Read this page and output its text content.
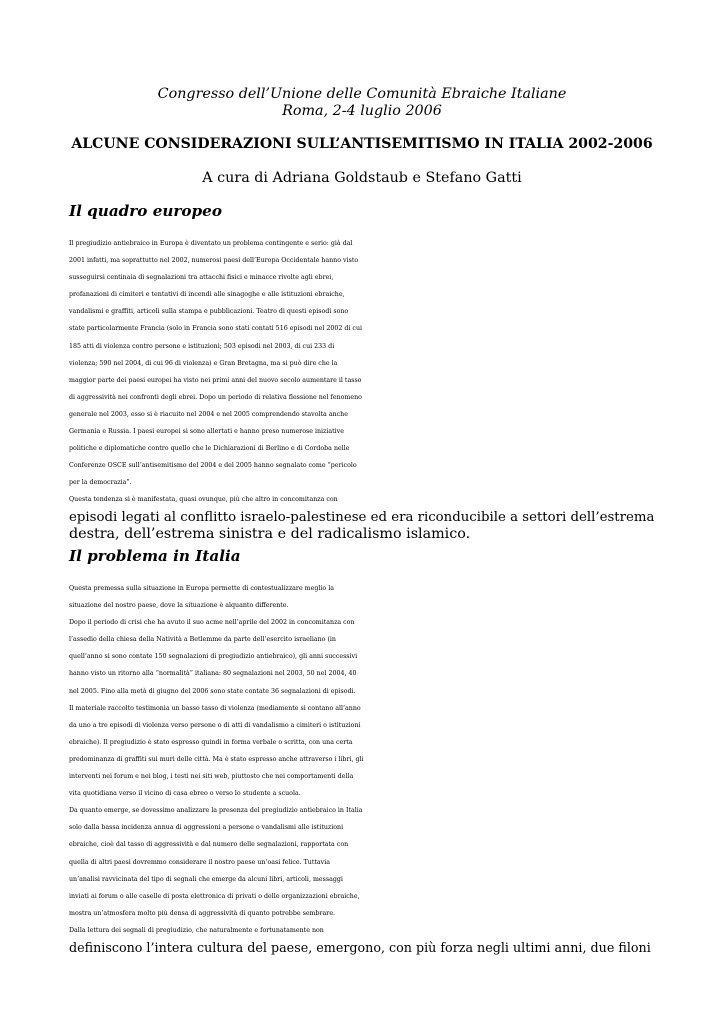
Congresso dell’Unione delle Comunità Ebraiche Italiane
Roma, 2-4 luglio 2006
ALCUNE CONSIDERAZIONI SULL’ANTISEMITISMO IN ITALIA 2002-2006
A cura di Adriana Goldstaub e Stefano Gatti
Il quadro europeo
Il pregiudizio antiebraico in Europa è diventato un problema contingente e serio: già dal
2001 infatti, ma soprattutto nel 2002, numerosi paesi dell’Europa Occidentale hanno visto
susseguirsi centinaia di segnalazioni tra attacchi fisici e minacce rivolte agli ebrei,
profanazioni di cimiteri e tentativi di incendi alle sinagoghe e alle istituzioni ebraiche,
vandalismi e graffiti, articoli sulla stampa e pubblicazioni. Teatro di questi episodi sono
state particolarmente Francia (solo in Francia sono stati contati 516 episodi nel 2002 di cui
185 atti di violenza contro persone e istituzioni; 503 episodi nel 2003, di cui 233 di
violenza; 590 nel 2004, di cui 96 di violenza) e Gran Bretagna, ma si può dire che la
maggior parte dei paesi europei ha visto nei primi anni del nuovo secolo aumentare il tasso
di aggressività nei confronti degli ebrei. Dopo un periodo di relativa flessione nel fenomeno
generale nel 2003, esso si è riacuito nel 2004 e nel 2005 comprendendo stavolta anche
Germania e Russia. I paesi europei si sono allertati e hanno preso numerose iniziative
politiche e diplomatiche contro quello che le Dichiarazioni di Berlino e di Cordoba nelle
Conferenze OSCE sull’antisemitismo del 2004 e del 2005 hanno segnalato come “pericolo
per la democrazia”.
Questa tendenza si è manifestata, quasi ovunque, più che altro in concomitanza con
episodi legati al conflitto israelo-palestinese ed era riconducibile a settori dell’estrema
destra, dell’estrema sinistra e del radicalismo islamico.
Il problema in Italia
Questa premessa sulla situazione in Europa permette di contestualizzare meglio la
situazione del nostro paese, dove la situazione è alquanto differente.
Dopo il periodo di crisi che ha avuto il suo acme nell’aprile del 2002 in concomitanza con
l’assedio della chiesa della Natività a Betlemme da parte dell’esercito israeliano (in
quell’anno si sono contate 150 segnalazioni di pregiudizio antiebraico), gli anni successivi
hanno visto un ritorno alla “normalità” italiana: 80 segnalazioni nel 2003, 50 nel 2004, 40
nel 2005. Fino alla metà di giugno del 2006 sono state contate 36 segnalazioni di episodi.
Il materiale raccolto testimonia un basso tasso di violenza (mediamente si contano all’anno
da uno a tre episodi di violenza verso persone o di atti di vandalismo a cimiteri o istituzioni
ebraiche). Il pregiudizio è stato espresso quindi in forma verbale o scritta, con una certa
predominanza di graffiti sui muri delle città. Ma è stato espresso anche attraverso i libri, gli
interventi nei forum e nei blog, i testi nei siti web, piuttosto che nei comportamenti della
vita quotidiana verso il vicino di casa ebreo o verso lo studente a scuola.
Da quanto emerge, se dovessimo analizzare la presenza del pregiudizio antiebraico in Italia
solo dalla bassa incidenza annua di aggressioni a persone o vandalismi alle istituzioni
ebraiche, cioè dal tasso di aggressività e dal numero delle segnalazioni, rapportata con
quella di altri paesi dovremmo considerare il nostro paese un’oasi felice. Tuttavia
un’analisi ravvicinata del tipo di segnali che emerge da alcuni libri, articoli, messaggi
inviati ai forum o alle caselle di posta elettronica di privati o delle organizzazioni ebraiche,
mostra un’atmosfera molto più densa di aggressività di quanto potrebbe sembrare.
Dalla lettura dei segnali di pregiudizio, che naturalmente e fortunatamente non
definiscono l’intera cultura del paese, emergono, con più forza negli ultimi anni, due filoni
